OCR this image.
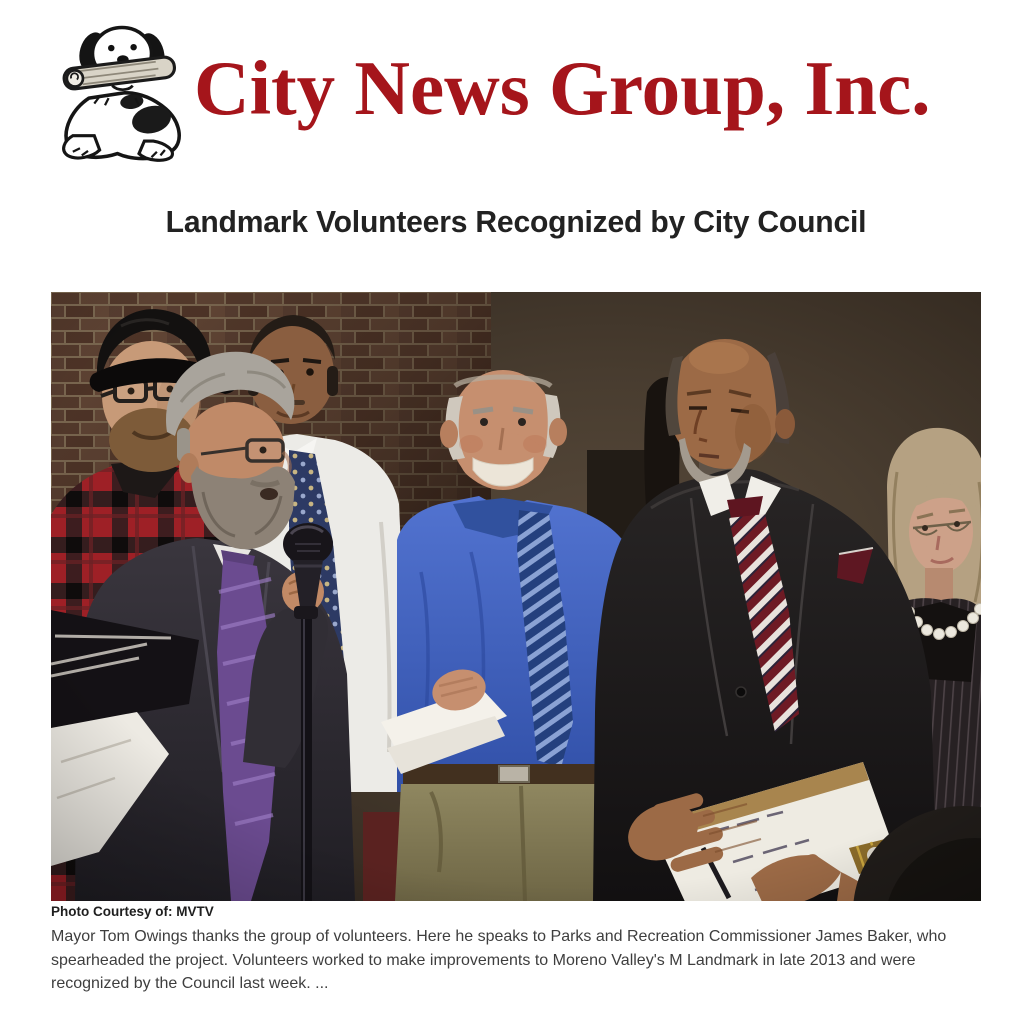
City News Group, Inc.
Landmark Volunteers Recognized by City Council
Photo Courtesy of: MVTV

Mayor Tom Owings thanks the group of volunteers. Here he speaks to Parks and Recreation Commissioner James Baker, who spearheaded the project. Volunteers worked to make improvements to Moreno Valley's M Landmark in late 2013 and were recognized by the Council last week. ...
